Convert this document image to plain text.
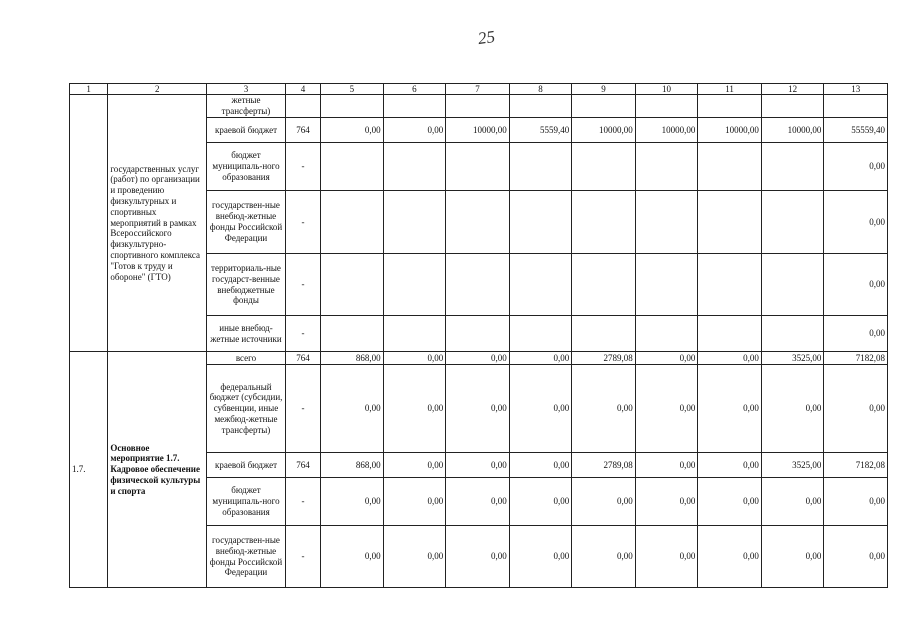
25
1	2	3	4	5	6	7	8	9	10	11	12	13
	государственных услуг (работ) по организации и проведению физкультурных и спортивных мероприятий в рамках Всероссийского физкультурно-спортивного комплекса "Готов к труду и обороне" (ГТО)	жетные трансферты)										
		краевой бюджет	764	0,00	0,00	10000,00	5559,40	10000,00	10000,00	10000,00	10000,00	55559,40
		бюджет муниципаль-ного образования	-									0,00
		государствен-ные внебюд-жетные фонды Российской Федерации	-									0,00
		территориаль-ные государст-венные внебюджетные фонды	-									0,00
		иные внебюд-жетные источники	-									0,00
1.7.	Основное мероприятие 1.7. Кадровое обеспечение физической культуры и спорта	всего	764	868,00	0,00	0,00	0,00	2789,08	0,00	0,00	3525,00	7182,08
		федеральный бюджет (субсидии, субвенции, иные межбюд-жетные трансферты)	-	0,00	0,00	0,00	0,00	0,00	0,00	0,00	0,00	0,00
		краевой бюджет	764	868,00	0,00	0,00	0,00	2789,08	0,00	0,00	3525,00	7182,08
		бюджет муниципаль-ного образования	-	0,00	0,00	0,00	0,00	0,00	0,00	0,00	0,00	0,00
		государствен-ные внебюд-жетные фонды Российской Федерации	-	0,00	0,00	0,00	0,00	0,00	0,00	0,00	0,00	0,00
